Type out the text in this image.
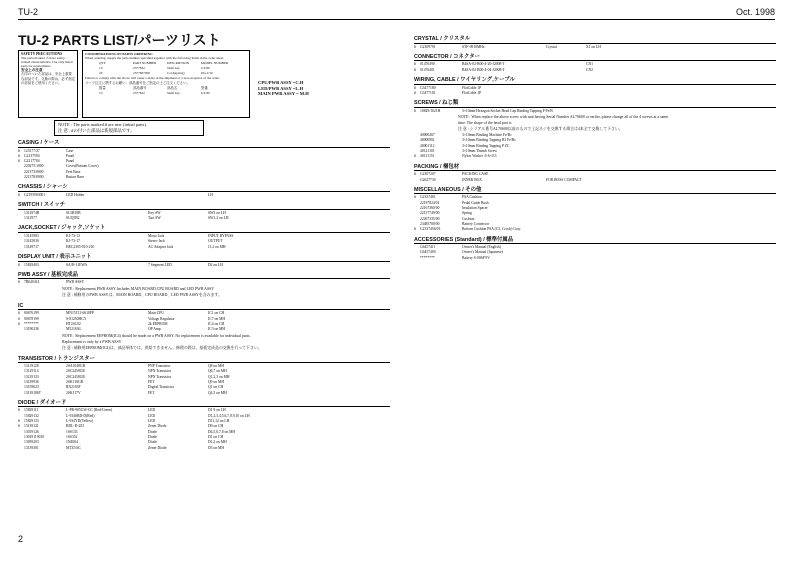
TU-2	Oct. 1998
TU-2 PARTS LIST/パーツリスト
SAFETY PRECAUTIONS
The parts marked ⚠ have safety-related characteristics. Use only listed parts for replacement.
安全上の注意
⚠印のついた部品は、安全上重要な部品です。交換の際は、必ず指定の部品をご使用ください。
CONSIDERATIONS ON PARTS ORDERING
When ordering, supply the parts number specified together with the following items in the order sheet.
QTY	PART NUMBER	DESCRIPTION	MODEL NUMBER
10	2377632	Shaft key	GT-80
20	2377607000	Cord(spring)	DG-C50
Failure to comply with the above will cause a delay in the shipment or a non-reception of the order.
パーツ注文に関するお願い：部品番号をご指定の上ご注文ください。
数量	部品番号	部品名	型番
10	2377632	Shaft key	GT-80
CPU/PWB ASSY =C.H
LED/PWB ASSY =L.H
MAIN PWB ASSY = M.H
NOTE : The parts marked # are new (initial parts).
注 意 : #の付いた部品は新規部品です。
CASING / ケース
# 123177/27	Case
# G2137594	Panel
# G2217704	Panel
220275/1000	Cover(Bottom Cover)
221373/0000	Feet Base
221378/0000	Button Base
CHASSIS / シャーシ
# G2195903001	LED Holder	LH
SWITCH / スイッチ
1312974B	SU4818B	Key SW	SW3 on LH
1312977	SUQ5B2	Tact SW	SW1,2 on LH
JACK,SOCKET / ジャック,ソケット
13145983	KJ-73-13	Mono Jack	INPUT BYPASS
13145830	KJ-73-17	Stereo Jack	OUTPUT
13149717	HEC2305-010-210	AC Adaptor Jack	J1,2 on MH
DISPLAY UNIT / 表示ユニット
# 15829403	SA39-11EWA	7 Segment LED	D2 on LH
PWB ASSY / 基板完成品
# 7B040414	PWB ASSY
NOTE : Replacement PWB ASSY Includes MAIN BOARD,CPU BOARD and LED PWB ASSY
注 意 : 補修用のPWB ASSYは、MAIN BOARD、CPU BOARD、LED PWB ASSYを含みます。
IC
# 00676199	MN15151-6610FP	Main CPU	IC1 on CH
# 00678199	S-81250HGY	Voltage Regulator	IC7 on MH
# ********	HT24C02	2k EEPROM	IC4 on CH
13190236	M5218AL	OP Amp	IC3 on MH
NOTE : Replacement EEPROM(IC4) should be made on a PWB ASSY. No replacement is available for individual parts.
Replacement is only by a PWB ASSY
注 意 : 補修用EEPROM(IC4)は、部品単体では、供給できません。修理の際は、基板完成品の交換を行って下さい。
TRANSISTOR / トランジスター
13119128	2SA1048GR	PNP Transistor	Q8 on MH
13129114	2SC2458GR	NPN Transistor	Q6,7 on MH
13129133	2SC2458GR	NPN Transistor	Q1,2,3 on MH
13139936	2SK118GR	FET	Q9 on MH
13159623	RN2103F	Digital Transistor	Q1 on CH
13139186T	2SK117V	FET	Q4,5 on MH
DIODE / ダイオード
# 15829111	L-PR-905GW-CC (Red/Green)	LED	D1 9 on LH
15829132	L-934SRD-D(Red)	LED	D1,2,3,4,5,6,7,8,9,10 on LH
# 15829133	L-934YD(Yellow)	LED	D11,12 on LH
# 15139121	RDL-D-2EI	Zener Diode	D9 on CH
13019126	1SS133	Diode	D4,5,6,7,8 on MH
13019119010	1SS352	Diode	D1 on CH
13039203	1N4004	Diode	D1,2 on MH
13139301	MTZ5.6C	Zener Diode	D3 on MH
CRYSTAL / クリスタル
# G2309791	STF-0910MHz	Crystal	X1 on LH
CONNECTOR / コネクター
# 01476390	B4SA-02-B00-4-20-J2008-T	CN1
# 01476401	B4SA-02-B00-4-04-J2008-T	CN2
WIRING, CABLE / ワイヤリング,ケーブル
# G3477180	FlatCable 1P
# G3477181	FlatCable 1P
SCREWS / ねじ類
# 10829/1621H	3×10mm Hexagon Socket Head Cap Binding Tapping P Fe/B
NOTE : When replace the above screw with unit having Serial Number AL70600 or earlier, please change all of the 4 screws at a same
time. The shape of the head part is
注 意 : シリアル番号AL70600以前のもので上記ネジを交換する場合は4本全て交換して下さい。
40000267	3×10mm Binding Machine Fe/Bc
40000901	3×10mm Binding Tapping B1 Fe/Bc
40001112	3×10mm Binding Tapping P ZC
40121101	3×10mm Thumb Screw
# 40131151	Nylon Washer 3×6×0.3
PACKING / 梱包材
# G2307207	PACKING CASE
G2627730	INNER BOX	FOR BOSS COMPACT
MISCELLANEOUS / その他
# G2337461	PSA Cushion
22197824/01	Pedal Guide Bush
22167360/00	Insulation Spacer
22157749/00	Spring
22267335/00	Cushion
23485700/00	Battery Connector
# G2337456/03	Bottom Cushion PSA (C5, Crock) Gray
ACCESSORIES (Standard) / 標準付属品
G6457411	Owner's Manual (English)
G6457400	Owner's Manual (Japanese)
********	Battery S-006P 9V
2
